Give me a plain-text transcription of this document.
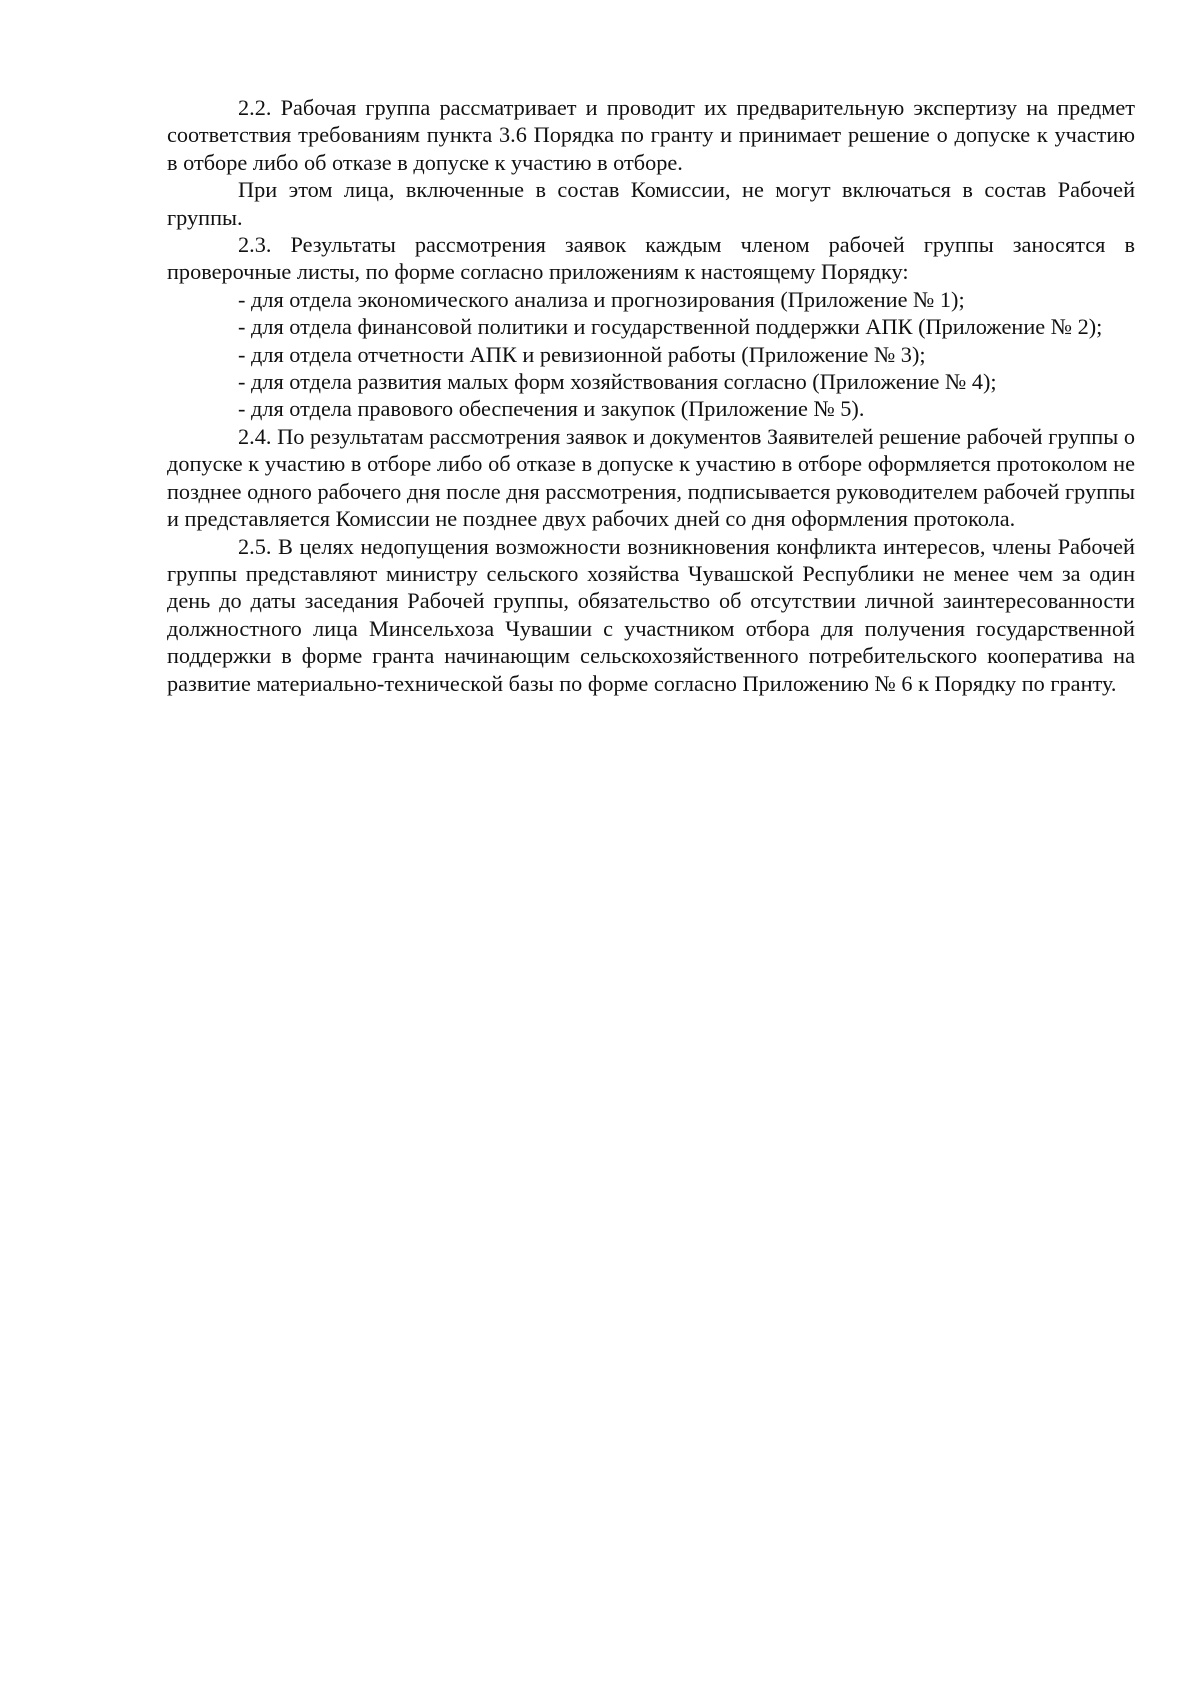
2.2. Рабочая группа рассматривает и проводит их предварительную экспертизу на предмет соответствия требованиям пункта 3.6 Порядка по гранту и принимает решение о допуске к участию в отборе либо об отказе в допуске к участию в отборе.

При этом лица, включенные в состав Комиссии, не могут включаться в состав Рабочей группы.

2.3. Результаты рассмотрения заявок каждым членом рабочей группы заносятся в проверочные листы, по форме согласно приложениям к настоящему Порядку:

- для отдела экономического анализа и прогнозирования (Приложение № 1);

- для отдела финансовой политики и государственной поддержки АПК (Приложение № 2);

- для отдела отчетности АПК и ревизионной работы (Приложение № 3);

- для отдела развития малых форм хозяйствования согласно (Приложение № 4);

- для отдела правового обеспечения и закупок (Приложение № 5).

2.4. По результатам рассмотрения заявок и документов Заявителей решение рабочей группы о допуске к участию в отборе либо об отказе в допуске к участию в отборе оформляется протоколом не позднее одного рабочего дня после дня рассмотрения, подписывается руководителем рабочей группы и представляется Комиссии не позднее двух рабочих дней со дня оформления протокола.

2.5. В целях недопущения возможности возникновения конфликта интересов, члены Рабочей группы представляют министру сельского хозяйства Чувашской Республики не менее чем за один день до даты заседания Рабочей группы, обязательство об отсутствии личной заинтересованности должностного лица Минсельхоза Чувашии с участником отбора для получения государственной поддержки в форме гранта начинающим сельскохозяйственного потребительского кооператива на развитие материально-технической базы по форме согласно Приложению № 6 к Порядку по гранту.
